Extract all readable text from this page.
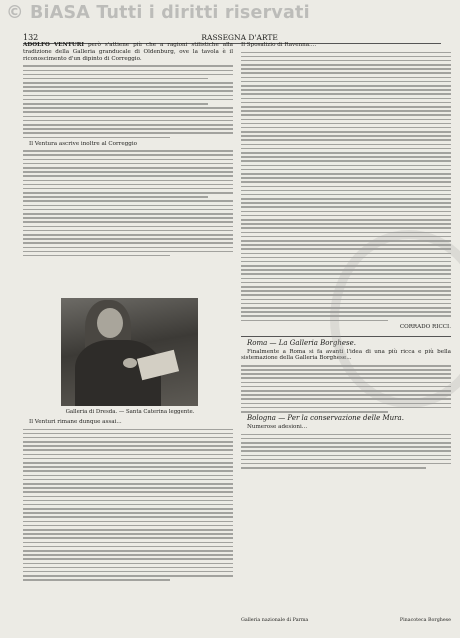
© BiASA Tutti i diritti riservati
132	RASSEGNA D'ARTE

ADOLFO VENTURI però s'attiene più che a ragioni stilistiche alla tradizione della Galleria granducale di Oldenburg, ove la tavola è il riconoscimento d'un dipinto di Correggio.

Il Ventura ascrive inoltre al Correggio

Galleria di Dresda. — Santa Caterina leggente.

Il Venturi rimane dunque assai...

Il Sposalizio di Ravenna....

CORRADO RICCI.

Roma — La Galleria Borghese.

Finalmente a Roma si fa avanti l'idea di una più ricca e più bella sistemazione della Galleria Borghese...

Bologna — Per la conservazione delle Mura.

Numerose adesioni...

Galleria nazionale di Parma	Pinacoteca Borghese
